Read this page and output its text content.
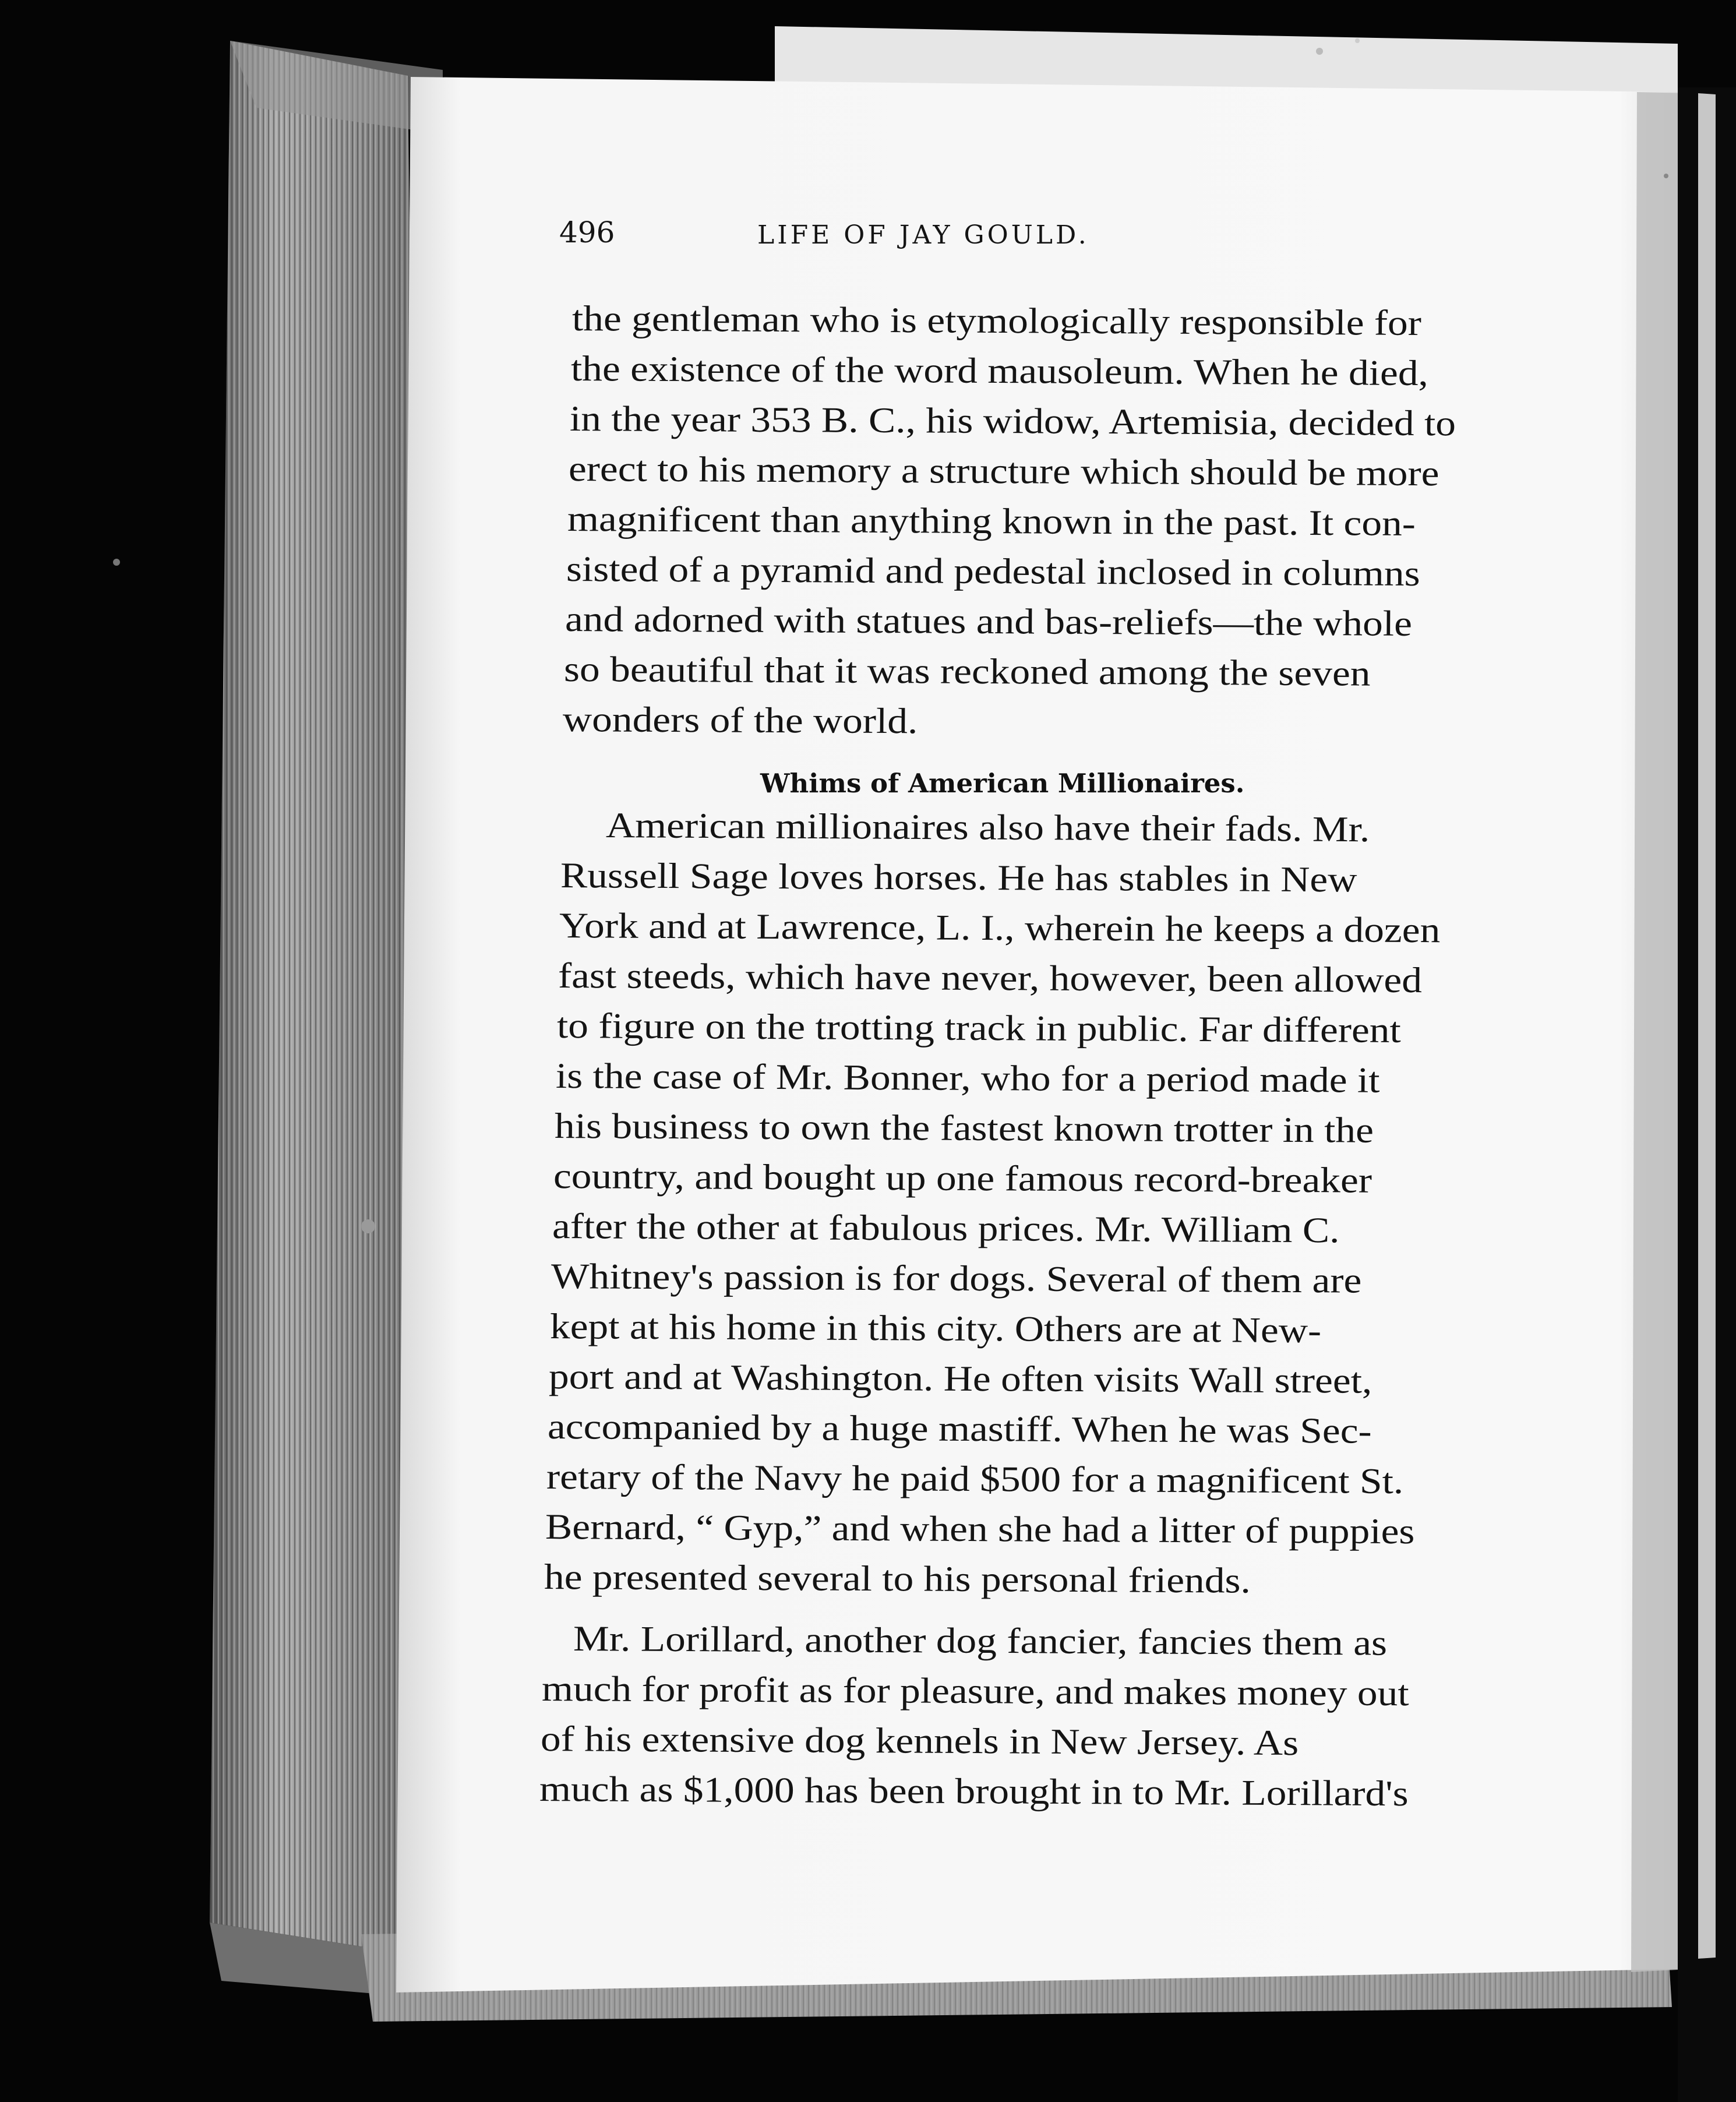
496	LIFE OF JAY GOULD.
the gentleman who is etymologically responsible for
the existence of the word mausoleum. When he died,
in the year 353 B. C., his widow, Artemisia, decided to
erect to his memory a structure which should be more
magnificent than anything known in the past. It con-
sisted of a pyramid and pedestal inclosed in columns
and adorned with statues and bas-reliefs—the whole
so beautiful that it was reckoned among the seven
wonders of the world.
Whims of American Millionaires.
American millionaires also have their fads. Mr.
Russell Sage loves horses. He has stables in New
York and at Lawrence, L. I., wherein he keeps a dozen
fast steeds, which have never, however, been allowed
to figure on the trotting track in public. Far different
is the case of Mr. Bonner, who for a period made it
his business to own the fastest known trotter in the
country, and bought up one famous record-breaker
after the other at fabulous prices. Mr. William C.
Whitney's passion is for dogs. Several of them are
kept at his home in this city. Others are at New-
port and at Washington. He often visits Wall street,
accompanied by a huge mastiff. When he was Sec-
retary of the Navy he paid $500 for a magnificent St.
Bernard, “ Gyp,” and when she had a litter of puppies
he presented several to his personal friends.
Mr. Lorillard, another dog fancier, fancies them as
much for profit as for pleasure, and makes money out
of his extensive dog kennels in New Jersey. As
much as $1,000 has been brought in to Mr. Lorillard's
